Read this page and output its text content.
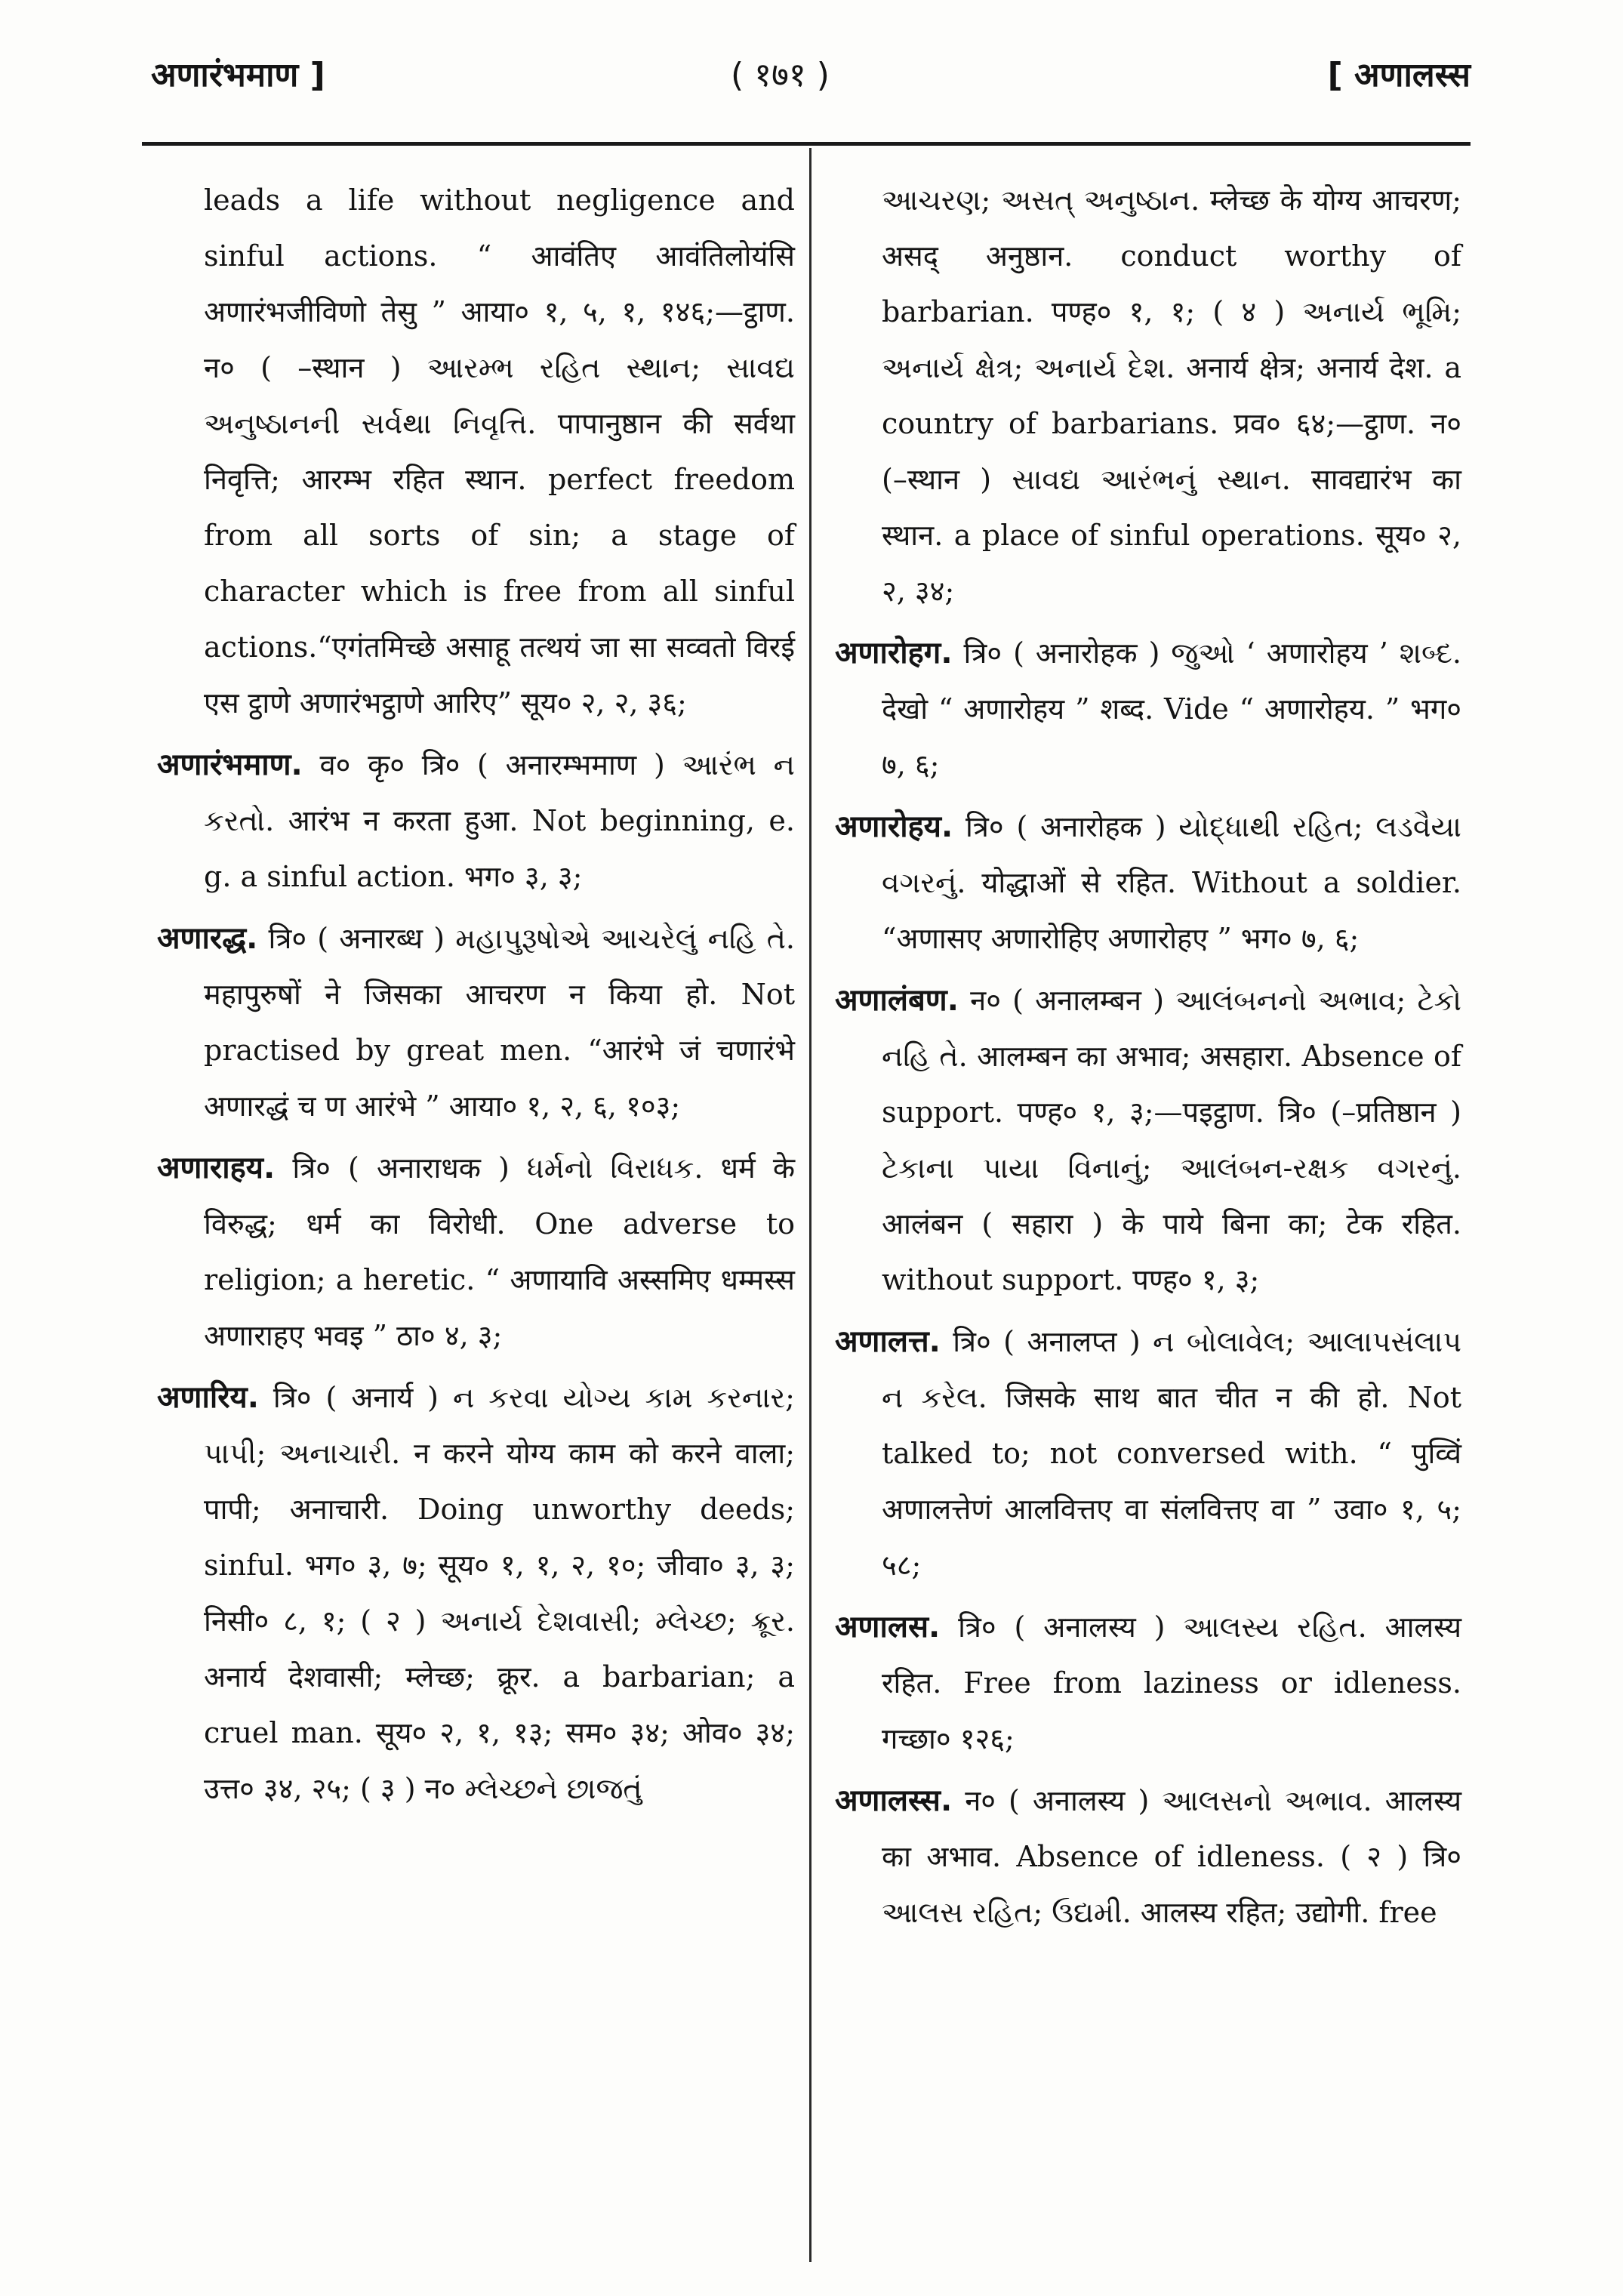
अणारंभमाण ]	( १७१ )	[ अणालस्स
leads a life without negligence and sinful actions. “ आवंतिए आवंतिलोयंसि अणारंभजीविणो तेसु ” आया० १, ५, १, १४६;—ट्ठाण. न० ( –स्थान ) આરમ્ભ રહિત સ્થાન; સાવદ્ય અનુષ્ઠાનની સર્વથા નિવૃત્તિ. पापानुष्ठान की सर्वथा निवृत्ति; आरम्भ रहित स्थान. perfect freedom from all sorts of sin; a stage of character which is free from all sinful actions.“एगंतमिच्छे असाहू तत्थयं जा सा सव्वतो विरई एस ट्ठाणे अणारंभट्ठाणे आरिए” सूय० २, २, ३६;
अणारंभमाण. व० कृ० त्रि० ( अनारम्भमाण ) આરંભ ન કરતો. आरंभ न करता हुआ. Not beginning, e. g. a sinful action. भग० ३, ३;
अणारद्ध. त्रि० ( अनारब्ध ) મહાપુરૂષોએ આચરેલું નહિ તે. महापुरुषों ने जिसका आचरण न किया हो. Not practised by great men. “आरंभे जं चणारंभे अणारद्धं च ण आरंभे ” आया० १, २, ६, १०३;
अणाराहय. त्रि० ( अनाराधक ) ધર્મનો વિરાધક. धर्म के विरुद्ध; धर्म का विरोधी. One adverse to religion; a heretic. “ अणायावि अस्समिए धम्मस्स अणाराहए भवइ ” ठा० ४, ३;
अणारिय. त्रि० ( अनार्य ) ન કરવા યોગ્ય કામ કરનાર; પાપી; અનાચારી. न करने योग्य काम को करने वाला; पापी; अनाचारी. Doing unworthy deeds; sinful. भग० ३, ७; सूय० १, १, २, १०; जीवा० ३, ३; निसी० ८, १; ( २ ) અનાર્ય દેશવાસી; મ્લેચ્છ; ક્રૂર. अनार्य देशवासी; म्लेच्छ; क्रूर. a barbarian; a cruel man. सूय० २, १, १३; सम० ३४; ओव० ३४; उत्त० ३४, २५; ( ३ ) न० મ્લેચ્છને છાજતું
આચરણ; અસત્ અનુષ્ઠાન. म्लेच्छ के योग्य आचरण; असद् अनुष्ठान. conduct worthy of barbarian. पण्ह० १, १; ( ४ ) અનાર્ય ભૂમિ; અનાર્ય ક્ષેત્ર; અનાર્ય દેશ. अनार्य क्षेत्र; अनार्य देश. a country of barbarians. प्रव० ६४;—ट्ठाण. न० (–स्थान ) સાવદ્ય આરંભનું સ્થાન. सावद्यारंभ का स्थान. a place of sinful operations. सूय० २, २, ३४;
अणारोहग. त्रि० ( अनारोहक ) જુઓ ‘ अणारोहय ’ શબ્દ. देखो “ अणारोहय ” शब्द. Vide “ अणारोहय. ” भग० ७, ६;
अणारोहय. त्रि० ( अनारोहक ) યોદ્ધાથી રહિત; લડવૈયા વગરનું. योद्धाओं से रहित. Without a soldier. “अणासए अणारोहिए अणारोहए ” भग० ७, ६;
अणालंबण. न० ( अनालम्बन ) આલંબનનો અભાવ; ટેકો નહિ તે. आलम्बन का अभाव; असहारा. Absence of support. पण्ह० १, ३;—पइट्ठाण. त्रि० (–प्रतिष्ठान ) ટેકાના પાયા વિનાનું; આલંબન-રક્ષક વગરનું. आलंबन ( सहारा ) के पाये बिना का; टेक रहित. without support. पण्ह० १, ३;
अणालत्त. त्रि० ( अनालप्त ) ન બોલાવેલ; આલાપસંલાપ ન કરેલ. जिसके साथ बात चीत न की हो. Not talked to; not conversed with. “ पुव्विं अणालत्तेणं आलवित्तए वा संलवित्तए वा ” उवा० १, ५; ५८;
अणालस. त्रि० ( अनालस्य ) આલસ્ય રહિત. आलस्य रहित. Free from laziness or idleness. गच्छा० १२६;
अणालस्स. न० ( अनालस्य ) આલસનો અભાવ. आलस्य का अभाव. Absence of idleness. ( २ ) त्रि० આલસ રહિત; ઉદ્યમી. आलस्य रहित; उद्योगी. free
